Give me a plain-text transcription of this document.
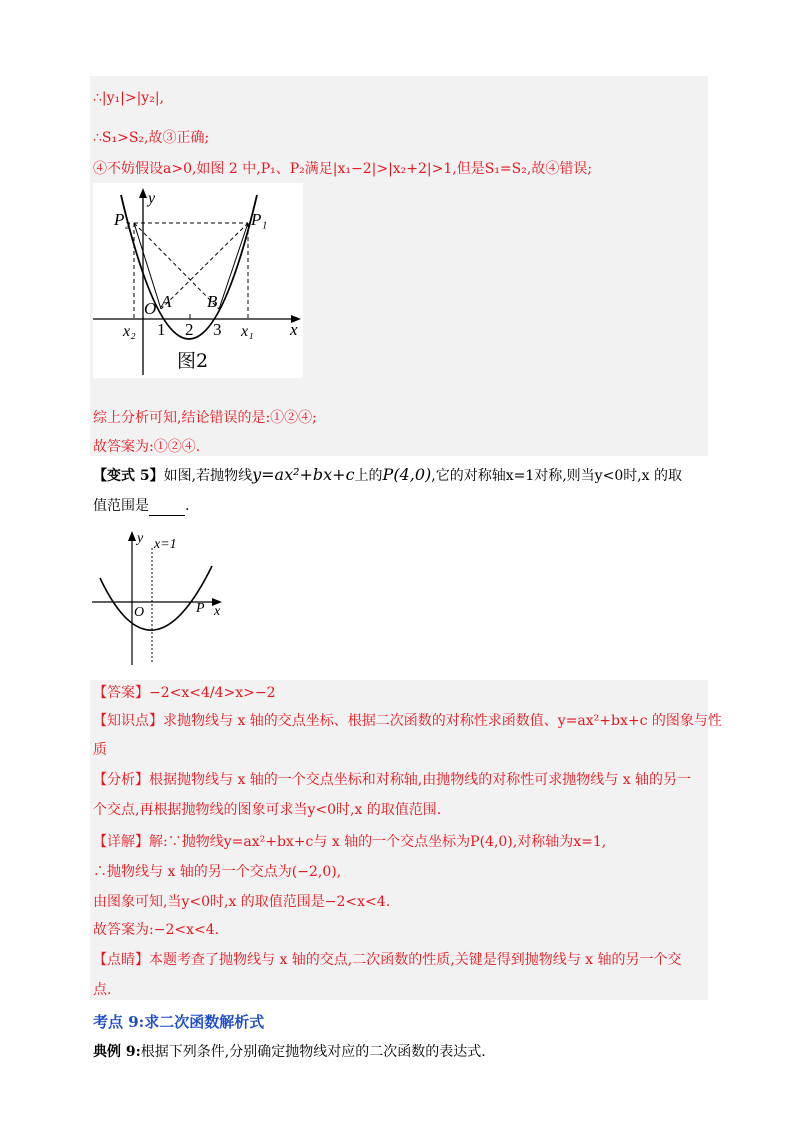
∴|y₁|>|y₂|,
∴S₁>S₂,故③正确;
④不妨假设a>0,如图 2 中,P₁、P₂满足|x₁−2|>|x₂+2|>1,但是S₁=S₂,故④错误;
y
x
P₂	P₁
O A B
1 2 3
x₂	x₁
图2
综上分析可知,结论错误的是:①②④;
故答案为:①②④.
【变式 5】如图,若抛物线y=ax²+bx+c上的P(4,0),它的对称轴x=1对称,则当y<0时,x 的取
值范围是	.
y x=1
O	P x
【答案】−2<x<4/4>x>−2
【知识点】求抛物线与 x 轴的交点坐标、根据二次函数的对称性求函数值、y=ax²+bx+c 的图象与性
质
【分析】根据抛物线与 x 轴的一个交点坐标和对称轴,由抛物线的对称性可求抛物线与 x 轴的另一
个交点,再根据抛物线的图象可求当y<0时,x 的取值范围.
【详解】解:∵抛物线y=ax²+bx+c与 x 轴的一个交点坐标为P(4,0),对称轴为x=1,
∴抛物线与 x 轴的另一个交点为(−2,0),
由图象可知,当y<0时,x 的取值范围是−2<x<4.
故答案为:−2<x<4.
【点睛】本题考查了抛物线与 x 轴的交点,二次函数的性质,关键是得到抛物线与 x 轴的另一个交
点.
考点 9:求二次函数解析式
典例 9:根据下列条件,分别确定抛物线对应的二次函数的表达式.
